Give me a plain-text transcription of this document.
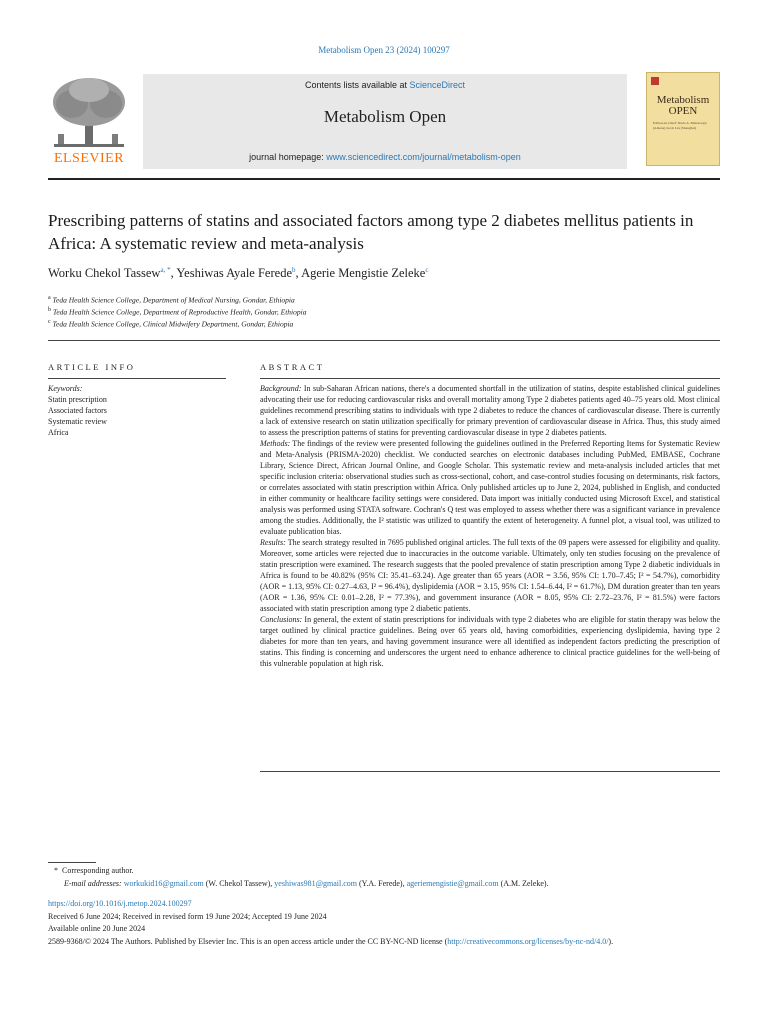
Metabolism Open 23 (2024) 100297
ELSEVIER
Contents lists available at ScienceDirect
Metabolism Open
journal homepage: www.sciencedirect.com/journal/metabolism-open
Metabolism
OPEN
Editors-in-Chief: Nuris A. Makaroagu (Athens) Jacob Liu (Shanghai)
Prescribing patterns of statins and associated factors among type 2 diabetes mellitus patients in Africa: A systematic review and meta-analysis
Worku Chekol Tassew$^{a, *}$, Yeshiwas Ayale Ferede$^b$, Agerie Mengistie Zeleke$^c$
$^a$ Teda Health Science College, Department of Medical Nursing, Gondar, Ethiopia
$^b$ Teda Health Science College, Department of Reproductive Health, Gondar, Ethiopia
$^c$ Teda Health Science College, Clinical Midwifery Department, Gondar, Ethiopia
ARTICLE INFO
Keywords:
Statin prescription
Associated factors
Systematic review
Africa
ABSTRACT

Background: In sub-Saharan African nations, there's a documented shortfall in the utilization of statins, despite established clinical guidelines advocating their use for reducing cardiovascular risks and overall mortality among Type 2 diabetes patients aged 40–75 years old. Most clinical guidelines recommend prescribing statins to individuals with type 2 diabetes to reduce the chances of cardiovascular disease. There is currently a lack of extensive research on statin utilization specifically for primary prevention of cardiovascular disease in Africa. Thus, this study aimed to assess the prescription patterns of statins for preventing cardiovascular disease in type 2 diabetes patients.

Methods: The findings of the review were presented following the guidelines outlined in the Preferred Reporting Items for Systematic Review and Meta-Analysis (PRISMA-2020) checklist. We conducted searches on electronic databases including PubMed, EMBASE, Cochrane Library, Science Direct, African Journal Online, and Google Scholar. This systematic review and meta-analysis included articles that met specific inclusion criteria: observational studies such as cross-sectional, cohort, and case-control studies focusing on determinants, risk factors, or correlates associated with statin prescription within Africa. Only published articles up to June 2, 2024, published in English, and conducted in either community or healthcare facility settings were considered. Data import was initially conducted using Microsoft Excel, and statistical analysis was performed using STATA software. Cochran's Q test was employed to assess whether there was a significant variance in prevalence among the studies. Additionally, the I² statistic was utilized to quantify the extent of heterogeneity. A funnel plot, a visual tool, was utilized to evaluate publication bias.

Results: The search strategy resulted in 7695 published original articles. The full texts of the 09 papers were assessed for eligibility and quality. Moreover, some articles were rejected due to inaccuracies in the outcome variable. Ultimately, only ten studies focusing on the prevalence of statin prescription were examined. The research suggests that the pooled prevalence of statin prescription among Type 2 diabetic individuals in Africa is found to be 40.82% (95% CI: 35.41–63.24). Age greater than 65 years (AOR = 3.56, 95% CI: 1.70–7.45; I² = 54.7%), comorbidity (AOR = 1.13, 95% CI: 0.27–4.63, I² = 96.4%), dyslipidemia (AOR = 3.15, 95% CI: 1.54–6.44, I² = 61.7%), DM duration greater than ten years (AOR = 1.36, 95% CI: 0.01–2.28, I² = 77.3%), and government insurance (AOR = 8.05, 95% CI: 2.72–23.76, I² = 81.5%) were factors associated with statin prescription among type 2 diabetic patients.

Conclusions: In general, the extent of statin prescriptions for individuals with type 2 diabetes who are eligible for statin therapy was below the target outlined by clinical practice guidelines. Being over 65 years old, having comorbidities, experiencing dyslipidemia, having type 2 diabetes for more than ten years, and having government insurance were all identified as independent factors predicting the prescription of statins. This finding is concerning and underscores the urgent need to enhance adherence to clinical practice guidelines for the well-being of this vulnerable population at high risk.

* Corresponding author.
E-mail addresses: workukid16@gmail.com (W. Chekol Tassew), yeshiwas981@gmail.com (Y.A. Ferede), ageriemengistie@gmail.com (A.M. Zeleke).
https://doi.org/10.1016/j.metop.2024.100297
Received 6 June 2024; Received in revised form 19 June 2024; Accepted 19 June 2024
Available online 20 June 2024
2589-9368/© 2024 The Authors. Published by Elsevier Inc. This is an open access article under the CC BY-NC-ND license (http://creativecommons.org/licenses/by-nc-nd/4.0/).
